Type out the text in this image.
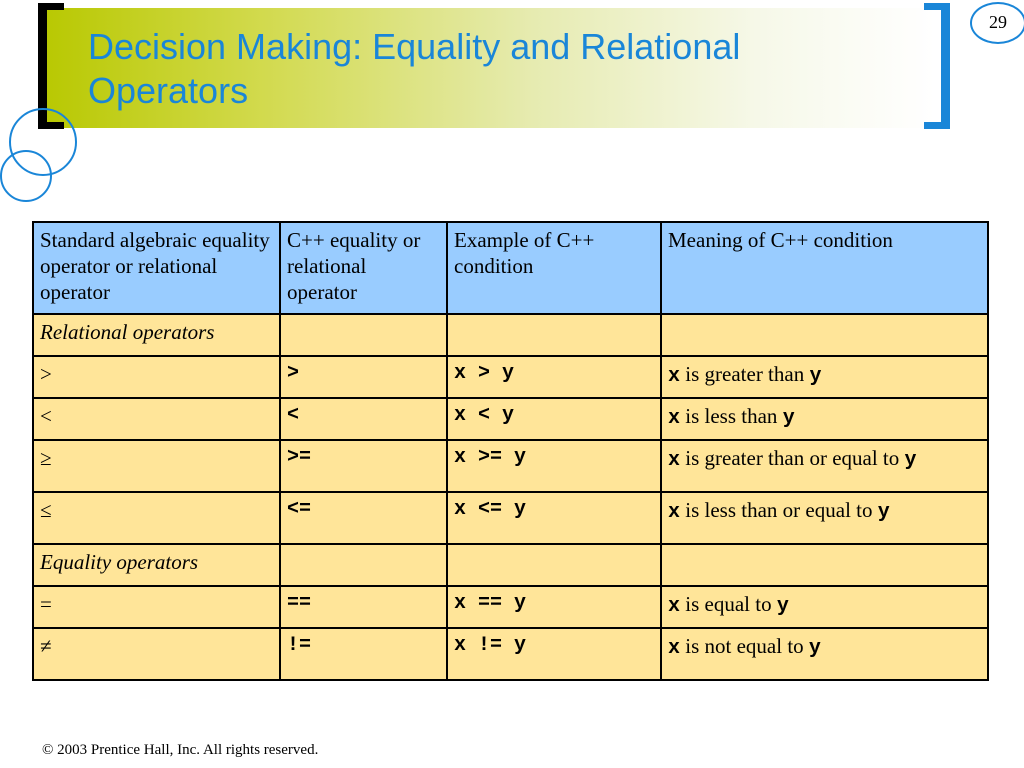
Decision Making: Equality and Relational Operators
29
Standard algebraic equality operator or relational operator	C++ equality or relational operator	Example of C++ condition	Meaning of C++ condition
Relational operators			
>	>	x > y	x is greater than y
<	<	x < y	x is less than y
≥	>=	x >= y	x is greater than or equal to y
≤	<=	x <= y	x is less than or equal to y
Equality operators			
=	==	x == y	x is equal to y
≠	!=	x != y	x is not equal to y
© 2003 Prentice Hall, Inc. All rights reserved.
